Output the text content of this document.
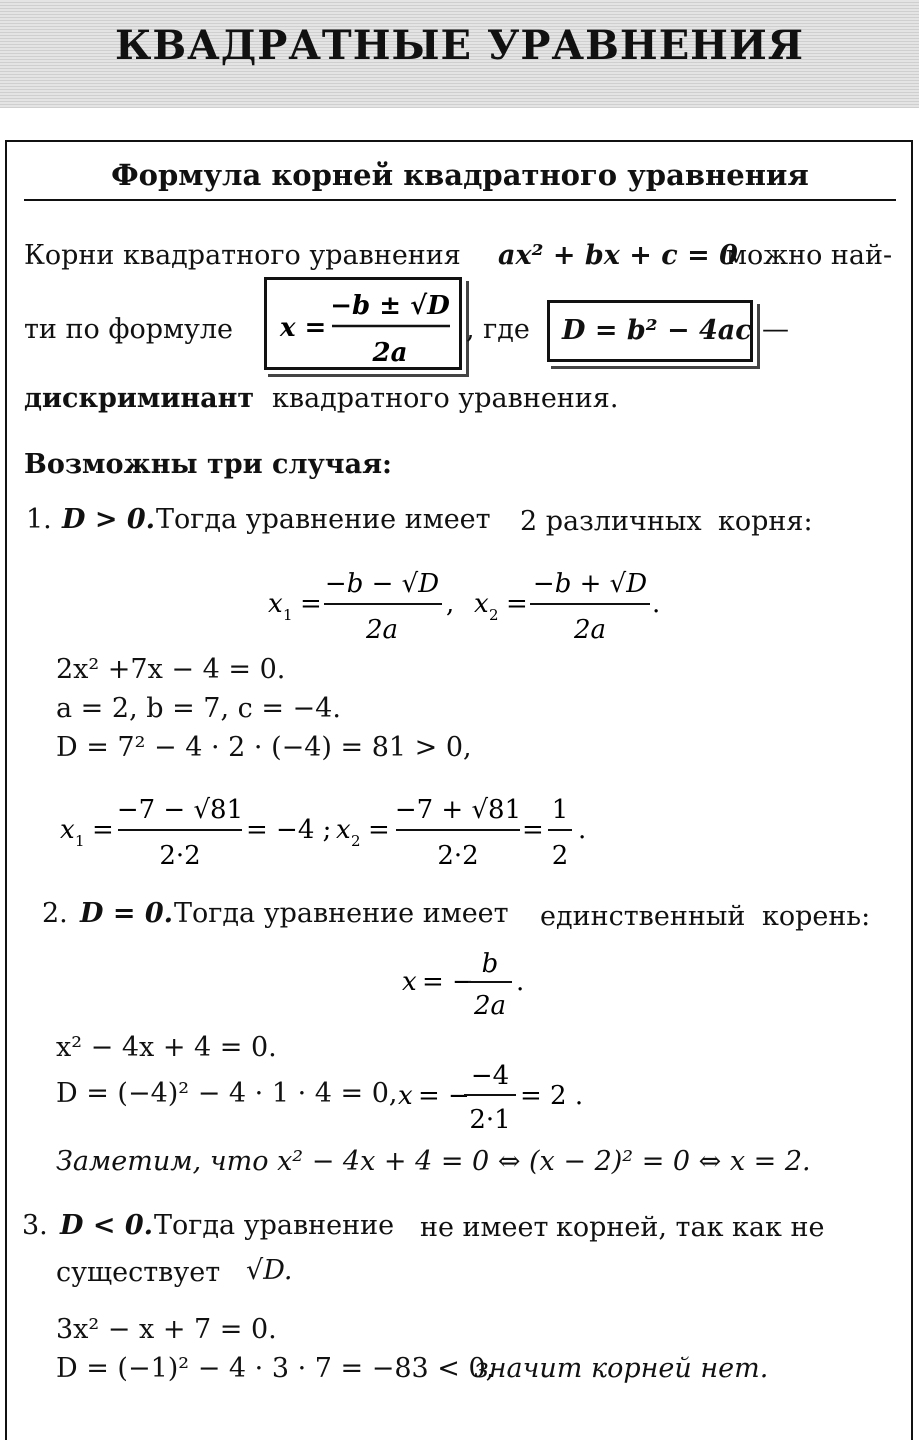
КВАДРАТНЫЕ УРАВНЕНИЯ
Формула корней квадратного уравнения
Корни квадратного уравнения ax² + bx + c = 0
можно най-
ти по формуле x =
−b ± √D
2a
, где D = b² − 4ac —
дискриминант квадратного уравнения.
Возможны три случая:
1. D > 0. Тогда уравнение имеет 2 различных корня:
x 1 =
−b − √D
2a
, x 2 =
−b + √D
2a
.
2x² +7x − 4 = 0.
a = 2, b = 7, c = −4.
D = 7² − 4 · 2 · (−4) = 81 > 0,
x 1 =
−7 − √81
2·2
= −4 ; x 2 =
−7 + √81
2·2
=
1
2
.
2. D = 0. Тогда уравнение имеет единственный корень:
x = −
b
2a
.
x² − 4x + 4 = 0.
D = (−4)² − 4 · 1 · 4 = 0, x = −
−4
2·1
= 2 .
Заметим, что x² − 4x + 4 = 0 ⇔ (x − 2)² = 0 ⇔ x = 2.
3. D < 0. Тогда уравнение не имеет корней, так как не
существует √D.
3x² − x + 7 = 0.
D = (−1)² − 4 · 3 · 7 = −83 < 0,
значит корней нет.
